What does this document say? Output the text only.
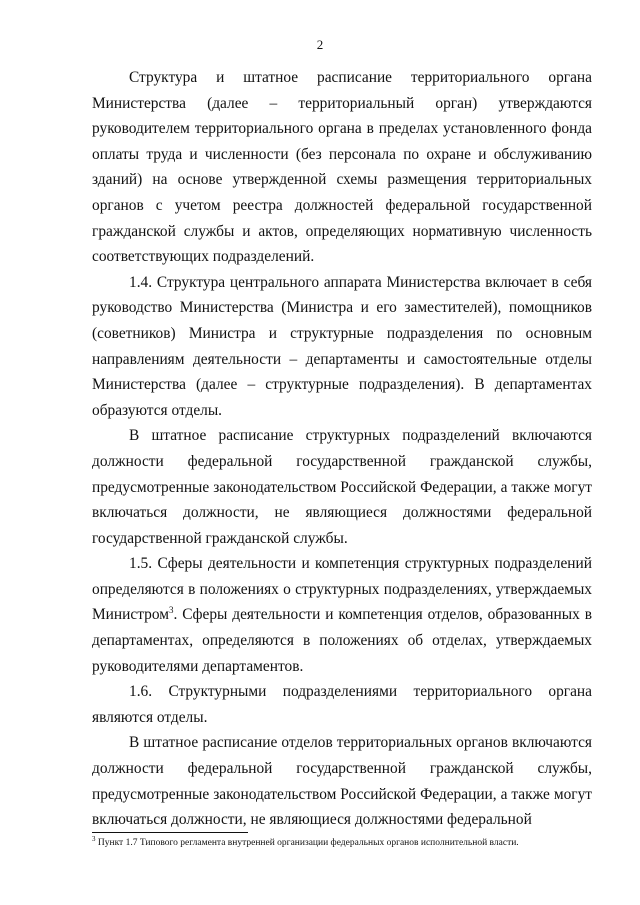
2

Структура и штатное расписание территориального органа Министерства (далее – территориальный орган) утверждаются руководителем территориального органа в пределах установленного фонда оплаты труда и численности (без персонала по охране и обслуживанию зданий) на основе утвержденной схемы размещения территориальных органов с учетом реестра должностей федеральной государственной гражданской службы и актов, определяющих нормативную численность соответствующих подразделений.

1.4. Структура центрального аппарата Министерства включает в себя руководство Министерства (Министра и его заместителей), помощников (советников) Министра и структурные подразделения по основным направлениям деятельности – департаменты и самостоятельные отделы Министерства (далее – структурные подразделения). В департаментах образуются отделы.

В штатное расписание структурных подразделений включаются должности федеральной государственной гражданской службы, предусмотренные законодательством Российской Федерации, а также могут включаться должности, не являющиеся должностями федеральной государственной гражданской службы.

1.5. Сферы деятельности и компетенция структурных подразделений определяются в положениях о структурных подразделениях, утверждаемых Министром$^3$. Сферы деятельности и компетенция отделов, образованных в департаментах, определяются в положениях об отделах, утверждаемых руководителями департаментов.

1.6. Структурными подразделениями территориального органа являются отделы.

В штатное расписание отделов территориальных органов включаются должности федеральной государственной гражданской службы, предусмотренные законодательством Российской Федерации, а также могут включаться должности, не являющиеся должностями федеральной

$^3$ Пункт 1.7 Типового регламента внутренней организации федеральных органов исполнительной власти.
